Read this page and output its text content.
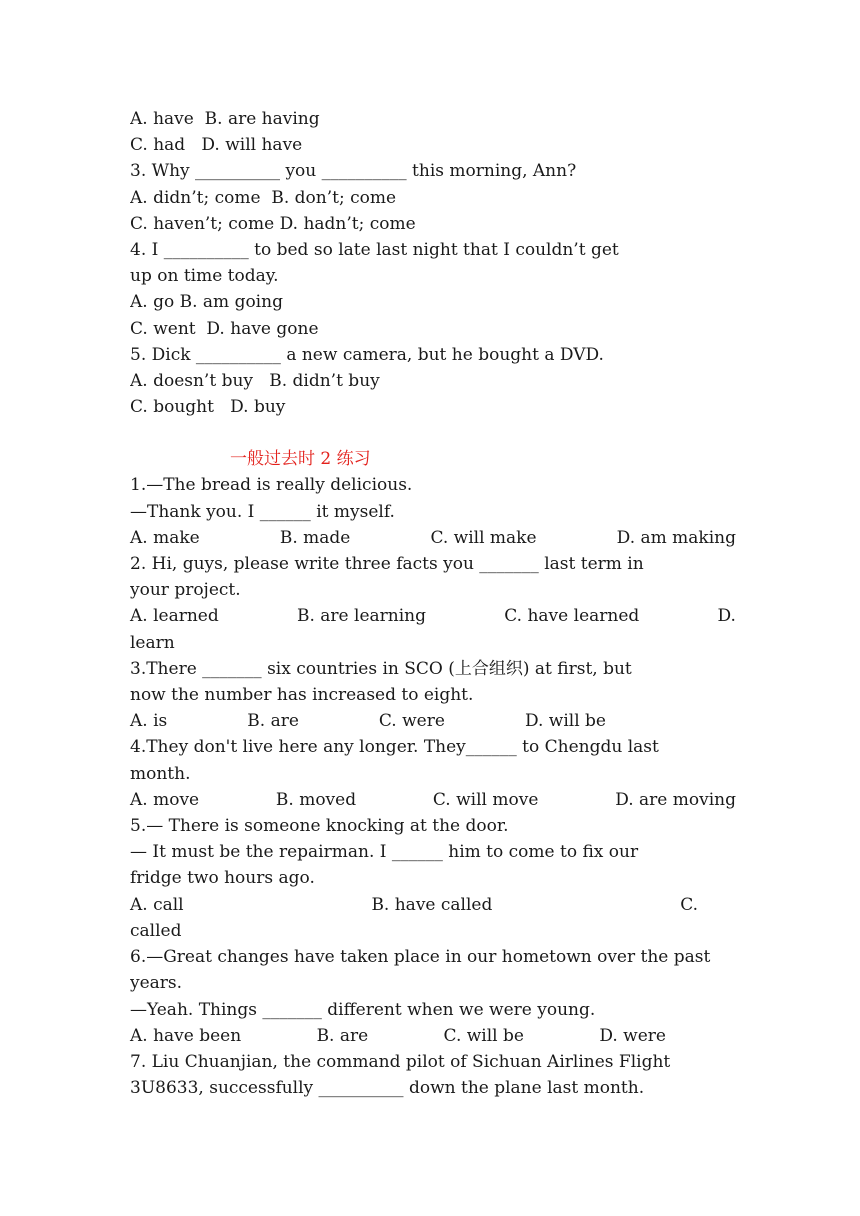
A. have  B. are having
C. had   D. will have
3. Why __________ you __________ this morning, Ann?
A. didn’t; come  B. don’t; come
C. haven’t; come D. hadn’t; come
4. I __________ to bed so late last night that I couldn’t get
up on time today.
A. go B. am going
C. went  D. have gone
5. Dick __________ a new camera, but he bought a DVD.
A. doesn’t buy   B. didn’t buy
C. bought   D. buy
一般过去时 2 练习
1.—The bread is really delicious.
—Thank you. I ______ it myself.
A. make	B. made	C. will make	D. am making
2. Hi, guys, please write three facts you _______ last term in
your project.
A. learned	B. are learning	C. have learned	D.
learn
3.There _______ six countries in SCO (上合组织) at first, but
now the number has increased to eight.
A. is	B. are	C. were	D. will be
4.They don't live here any longer. They______ to Chengdu last
month.
A. move	B. moved	C. will move	D. are moving
5.— There is someone knocking at the door.
— It must be the repairman. I ______ him to come to fix our
fridge two hours ago.
A. call	B. have called	C.
called
6.—Great changes have taken place in our hometown over the past
years.
—Yeah. Things _______ different when we were young.
A. have been	B. are	C. will be	D. were
7. Liu Chuanjian, the command pilot of Sichuan Airlines Flight
3U8633, successfully __________ down the plane last month.
